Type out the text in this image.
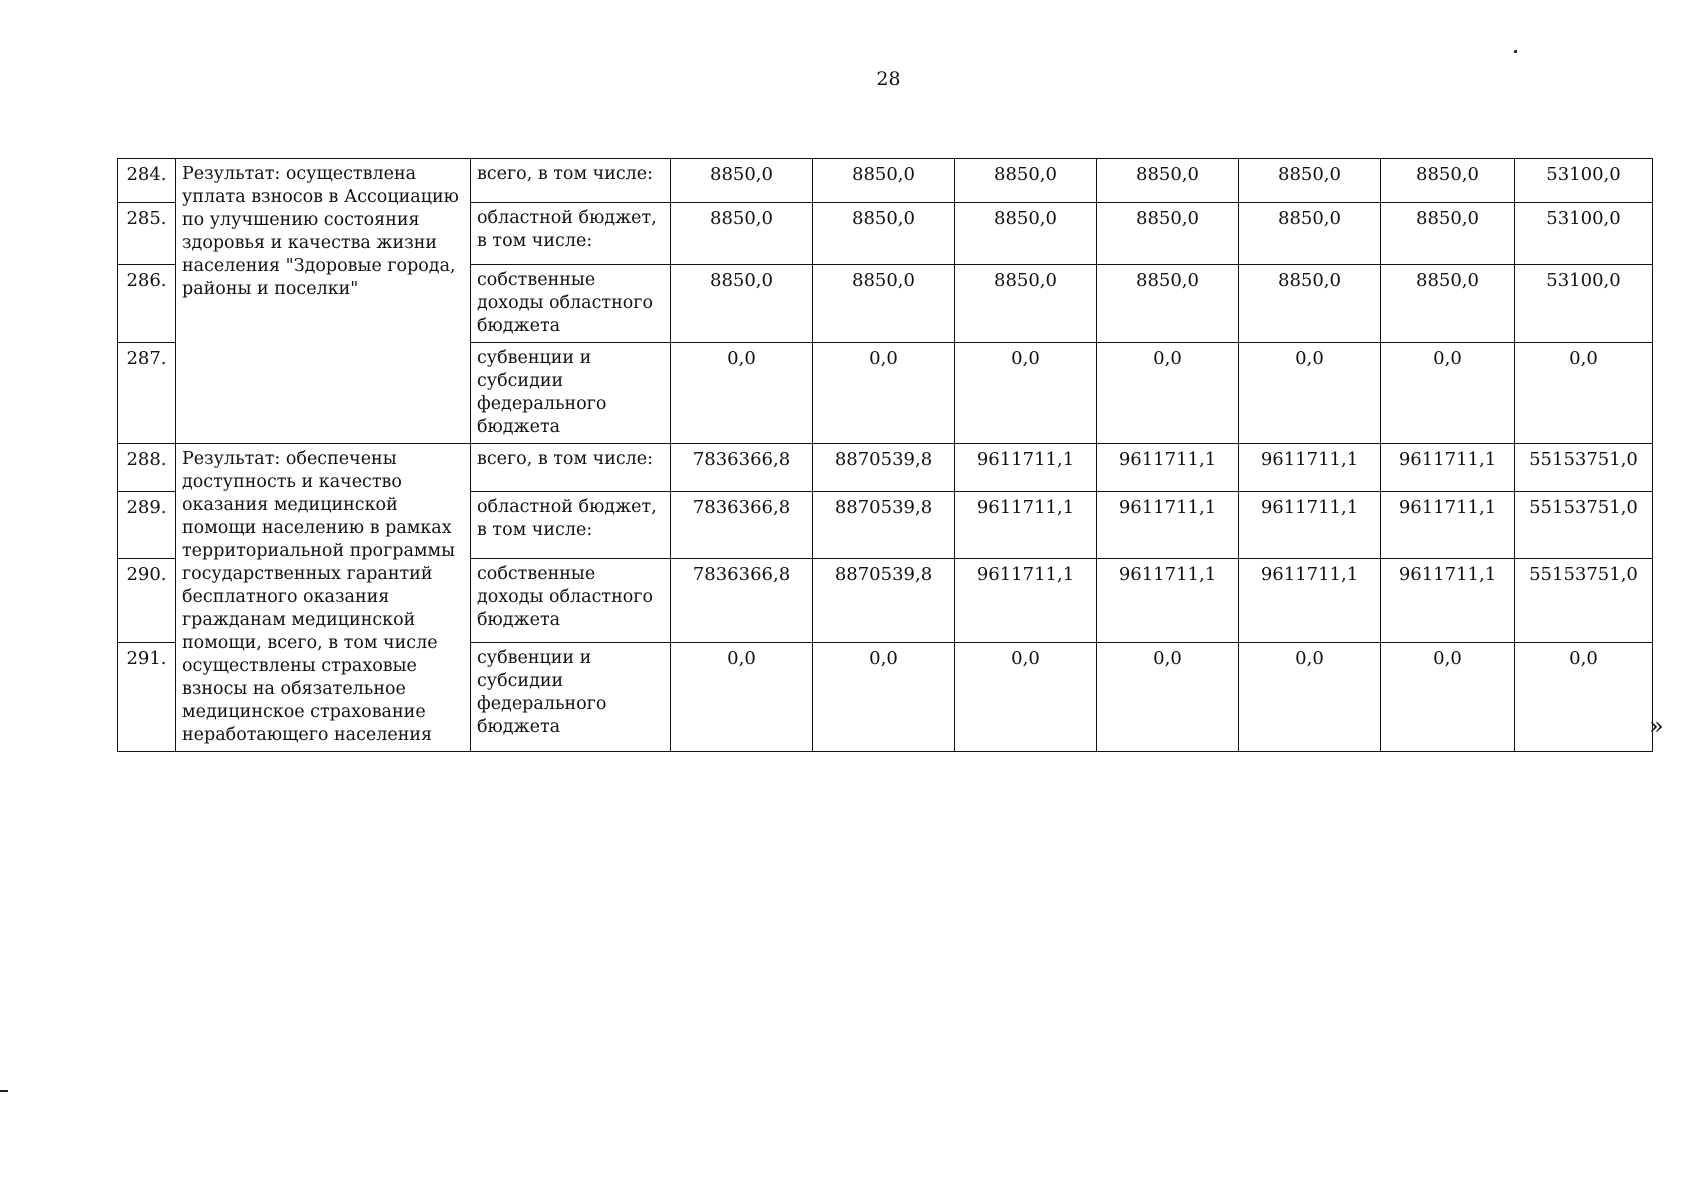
28
284.	Результат: осуществлена уплата взносов в Ассоциацию по улучшению состояния здоровья и качества жизни населения "Здоровые города, районы и поселки"	всего, в том числе:	8850,0	8850,0	8850,0	8850,0	8850,0	8850,0	53100,0
285.		областной бюджет, в том числе:	8850,0	8850,0	8850,0	8850,0	8850,0	8850,0	53100,0
286.		собственные доходы областного бюджета	8850,0	8850,0	8850,0	8850,0	8850,0	8850,0	53100,0
287.		субвенции и субсидии федерального бюджета	0,0	0,0	0,0	0,0	0,0	0,0	0,0
288.	Результат: обеспечены доступность и качество оказания медицинской помощи населению в рамках территориальной программы государственных гарантий бесплатного оказания гражданам медицинской помощи, всего, в том числе осуществлены страховые взносы на обязательное медицинское страхование неработающего населения	всего, в том числе:	7836366,8	8870539,8	9611711,1	9611711,1	9611711,1	9611711,1	55153751,0
289.		областной бюджет, в том числе:	7836366,8	8870539,8	9611711,1	9611711,1	9611711,1	9611711,1	55153751,0
290.		собственные доходы областного бюджета	7836366,8	8870539,8	9611711,1	9611711,1	9611711,1	9611711,1	55153751,0
291.		субвенции и субсидии федерального бюджета	0,0	0,0	0,0	0,0	0,0	0,0	0,0
»
